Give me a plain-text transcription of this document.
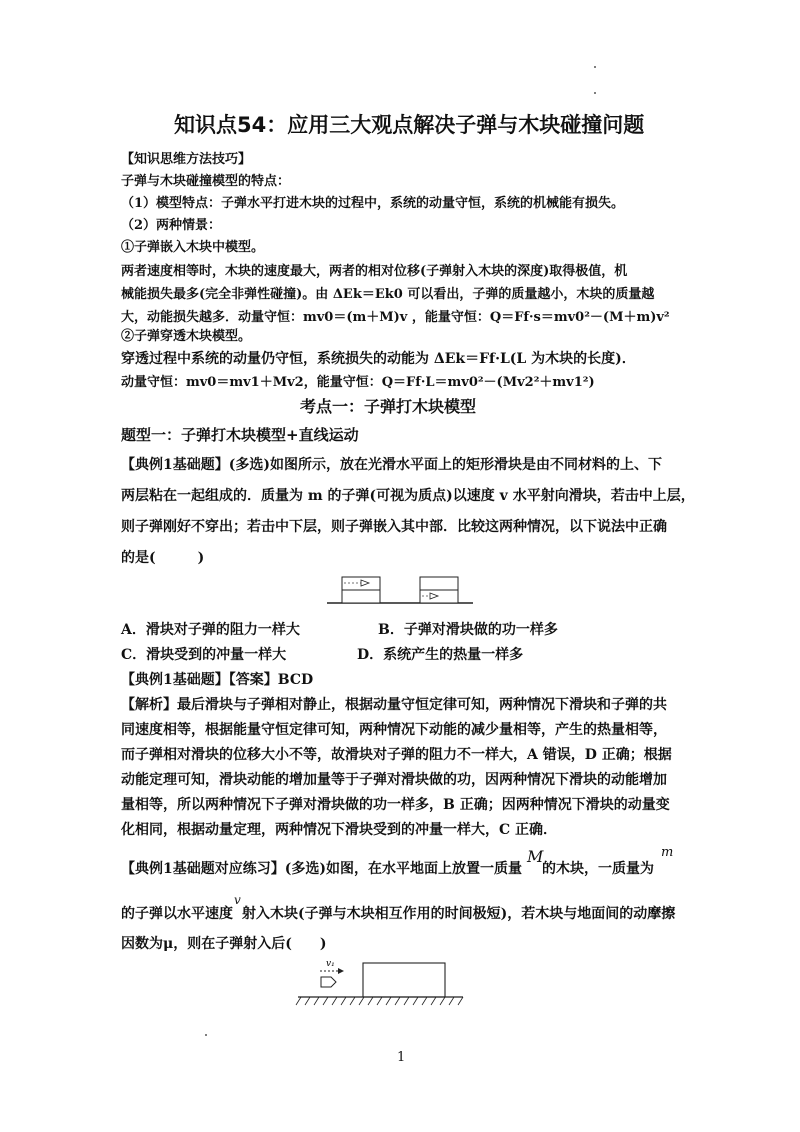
知识点54：应用三大观点解决子弹与木块碰撞问题
【知识思维方法技巧】
子弹与木块碰撞模型的特点：
（1）模型特点：子弹水平打进木块的过程中，系统的动量守恒，系统的机械能有损失。
（2）两种情景：
①子弹嵌入木块中模型。
两者速度相等时，木块的速度最大，两者的相对位移(子弹射入木块的深度)取得极值，机
械能损失最多(完全非弹性碰撞)。由 ΔEk＝Ek0 可以看出，子弹的质量越小，木块的质量越
大，动能损失越多．动量守恒：mv0＝(m＋M)v ，能量守恒：Q＝Ff·s＝mv0²－(M＋m)v²
②子弹穿透木块模型。
穿透过程中系统的动量仍守恒，系统损失的动能为 ΔEk＝Ff·L(L 为木块的长度)．
动量守恒：mv0＝mv1＋Mv2，能量守恒：Q＝Ff·L＝mv0²－(Mv2²＋mv1²)
考点一：子弹打木块模型
题型一：子弹打木块模型+直线运动
【典例1基础题】(多选)如图所示，放在光滑水平面上的矩形滑块是由不同材料的上、下
两层粘在一起组成的．质量为 m 的子弹(可视为质点)以速度 v 水平射向滑块，若击中上层，
则子弹刚好不穿出；若击中下层，则子弹嵌入其中部．比较这两种情况，以下说法中正确
的是(　　　)
A．滑块对子弹的阻力一样大	B．子弹对滑块做的功一样多
C．滑块受到的冲量一样大	D．系统产生的热量一样多
【典例1基础题】【答案】BCD
【解析】最后滑块与子弹相对静止，根据动量守恒定律可知，两种情况下滑块和子弹的共
同速度相等，根据能量守恒定律可知，两种情况下动能的减少量相等，产生的热量相等，
而子弹相对滑块的位移大小不等，故滑块对子弹的阻力不一样大，A 错误，D 正确；根据
动能定理可知，滑块动能的增加量等于子弹对滑块做的功，因两种情况下滑块的动能增加
量相等，所以两种情况下子弹对滑块做的功一样多，B 正确；因两种情况下滑块的动量变
化相同，根据动量定理，两种情况下滑块受到的冲量一样大，C 正确．
【典例1基础题对应练习】(多选)如图，在水平地面上放置一质量
M
的木块，一质量为
m
的子弹以水平速度
v
射入木块(子弹与木块相互作用的时间极短)，若木块与地面间的动摩擦
因数为μ，则在子弹射入后(　　)
v₁
1
